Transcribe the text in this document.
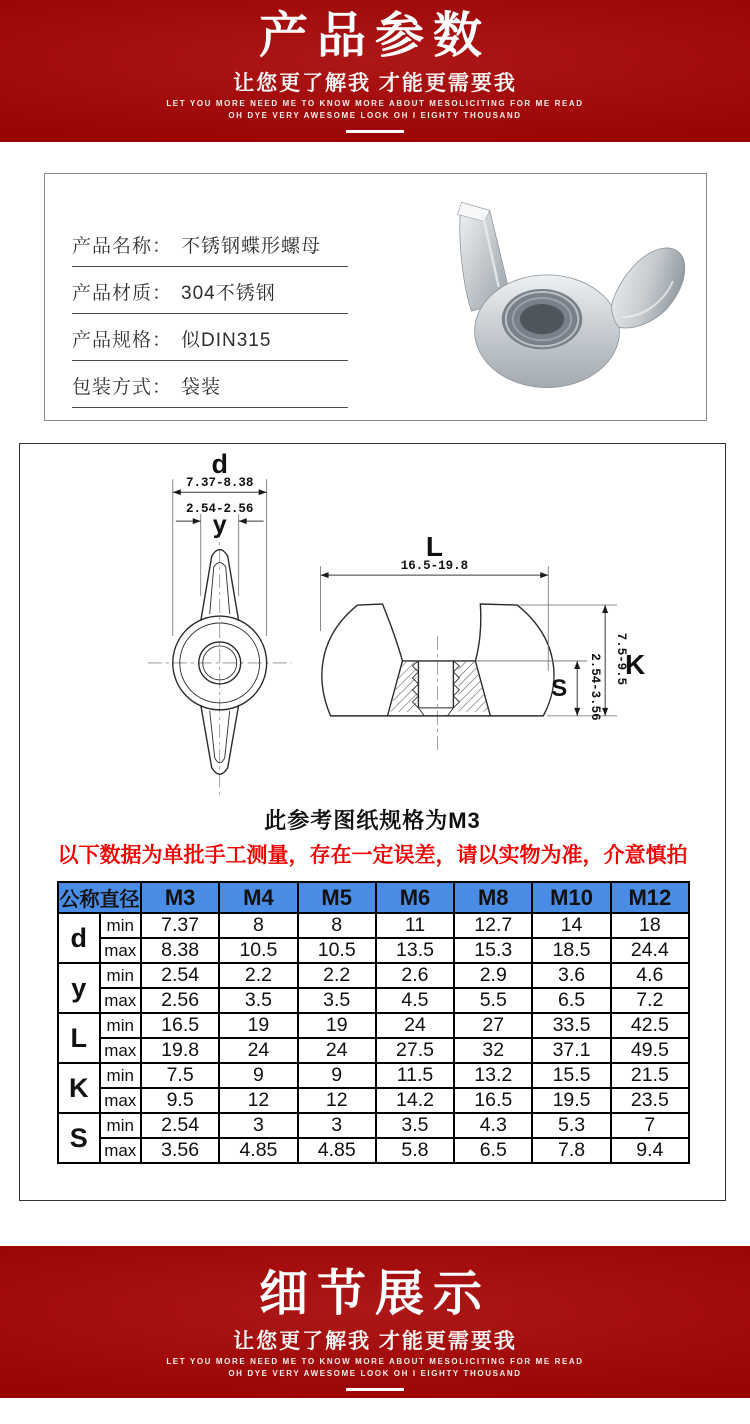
产品参数
让您更了解我 才能更需要我
LET YOU MORE NEED ME TO KNOW MORE ABOUT MESOLICITING FOR ME READ
OH DYE VERY AWESOME LOOK OH I EIGHTY THOUSAND
产品名称： 不锈钢蝶形螺母
产品材质： 304不锈钢
产品规格： 似DIN315
包装方式： 袋装
d
7.37-8.38
2.54-2.56
y
L
16.5-19.8
7.5-9.5
K
2.54-3.56
S
此参考图纸规格为M3
以下数据为单批手工测量，存在一定误差，请以实物为准，介意慎拍
公称直径		M3	M4	M5	M6	M8	M10	M12
d	min	7.37	8	8	11	12.7	14	18
	max	8.38	10.5	10.5	13.5	15.3	18.5	24.4
y	min	2.54	2.2	2.2	2.6	2.9	3.6	4.6
	max	2.56	3.5	3.5	4.5	5.5	6.5	7.2
L	min	16.5	19	19	24	27	33.5	42.5
	max	19.8	24	24	27.5	32	37.1	49.5
K	min	7.5	9	9	11.5	13.2	15.5	21.5
	max	9.5	12	12	14.2	16.5	19.5	23.5
S	min	2.54	3	3	3.5	4.3	5.3	7
	max	3.56	4.85	4.85	5.8	6.5	7.8	9.4
细节展示
让您更了解我 才能更需要我
LET YOU MORE NEED ME TO KNOW MORE ABOUT MESOLICITING FOR ME READ
OH DYE VERY AWESOME LOOK OH I EIGHTY THOUSAND
